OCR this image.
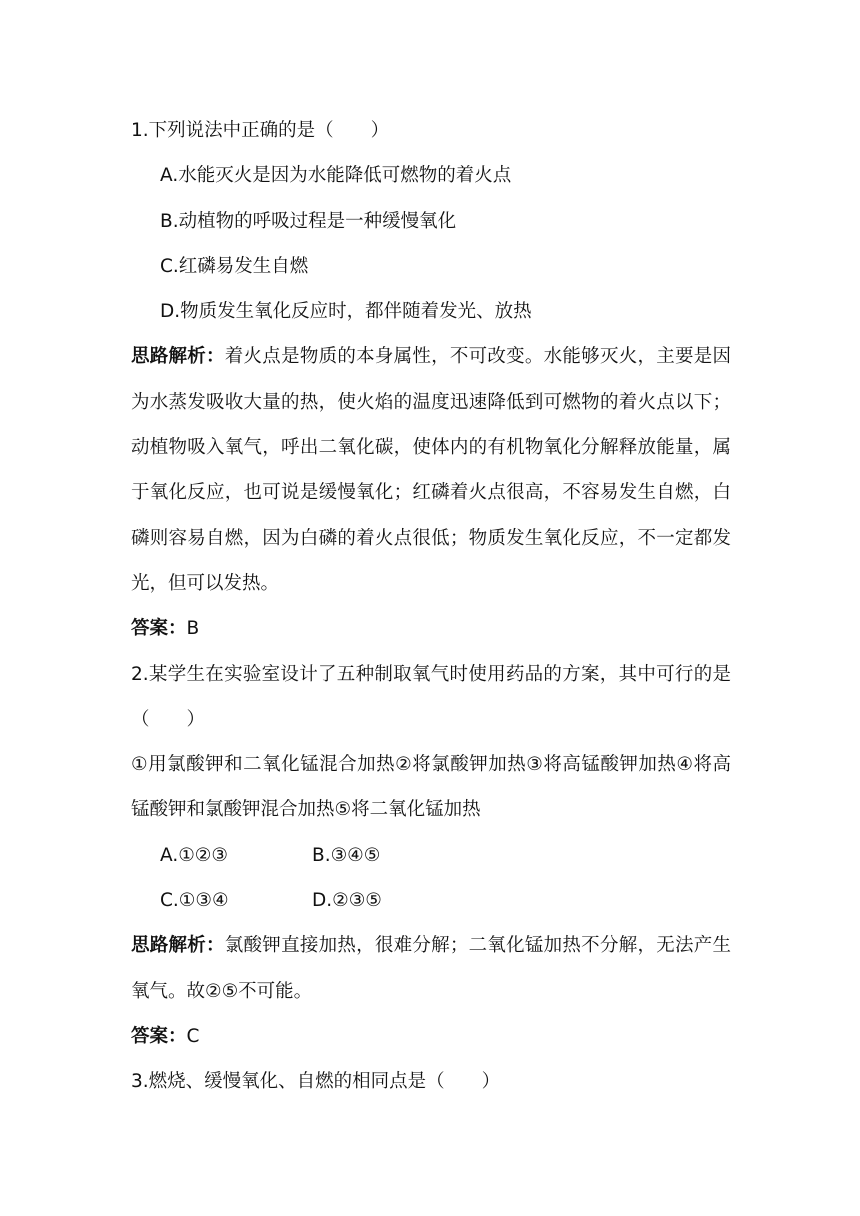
1.下列说法中正确的是（　　）
A.水能灭火是因为水能降低可燃物的着火点
B.动植物的呼吸过程是一种缓慢氧化
C.红磷易发生自燃
D.物质发生氧化反应时，都伴随着发光、放热
思路解析：着火点是物质的本身属性，不可改变。水能够灭火，主要是因为水蒸发吸收大量的热，使火焰的温度迅速降低到可燃物的着火点以下；动植物吸入氧气，呼出二氧化碳，使体内的有机物氧化分解释放能量，属于氧化反应，也可说是缓慢氧化；红磷着火点很高，不容易发生自燃，白磷则容易自燃，因为白磷的着火点很低；物质发生氧化反应，不一定都发光，但可以发热。
答案：B
2.某学生在实验室设计了五种制取氧气时使用药品的方案，其中可行的是（　　）
①用氯酸钾和二氧化锰混合加热②将氯酸钾加热③将高锰酸钾加热④将高锰酸钾和氯酸钾混合加热⑤将二氧化锰加热
A.①②③	B.③④⑤
C.①③④	D.②③⑤
思路解析：氯酸钾直接加热，很难分解；二氧化锰加热不分解，无法产生氧气。故②⑤不可能。
答案：C
3.燃烧、缓慢氧化、自燃的相同点是（　　）
